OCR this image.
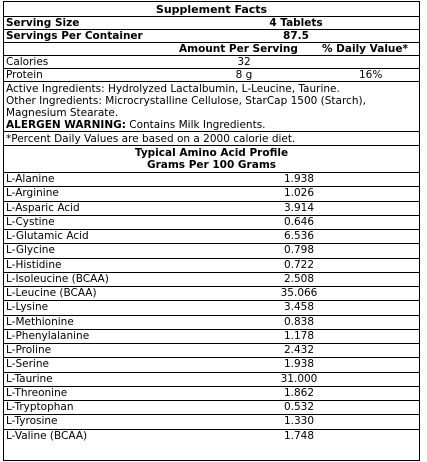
Supplement Facts
Serving Size	4 Tablets
Servings Per Container	87.5
Amount Per Serving % Daily Value*
Calories	32
Protein	8 g	16%
Active Ingredients: Hydrolyzed Lactalbumin, L-Leucine, Taurine.
Other Ingredients: Microcrystalline Cellulose, StarCap 1500 (Starch),
Magnesium Stearate.
ALERGEN WARNING: Contains Milk Ingredients.
*Percent Daily Values are based on a 2000 calorie diet.
Typical Amino Acid Profile
Grams Per 100 Grams
L-Alanine	1.938
L-Arginine	1.026
L-Asparic Acid	3.914
L-Cystine	0.646
L-Glutamic Acid	6.536
L-Glycine	0.798
L-Histidine	0.722
L-Isoleucine (BCAA)	2.508
L-Leucine (BCAA)	35.066
L-Lysine	3.458
L-Methionine	0.838
L-Phenylalanine	1.178
L-Proline	2.432
L-Serine	1.938
L-Taurine	31.000
L-Threonine	1.862
L-Tryptophan	0.532
L-Tyrosine	1.330
L-Valine (BCAA)	1.748
